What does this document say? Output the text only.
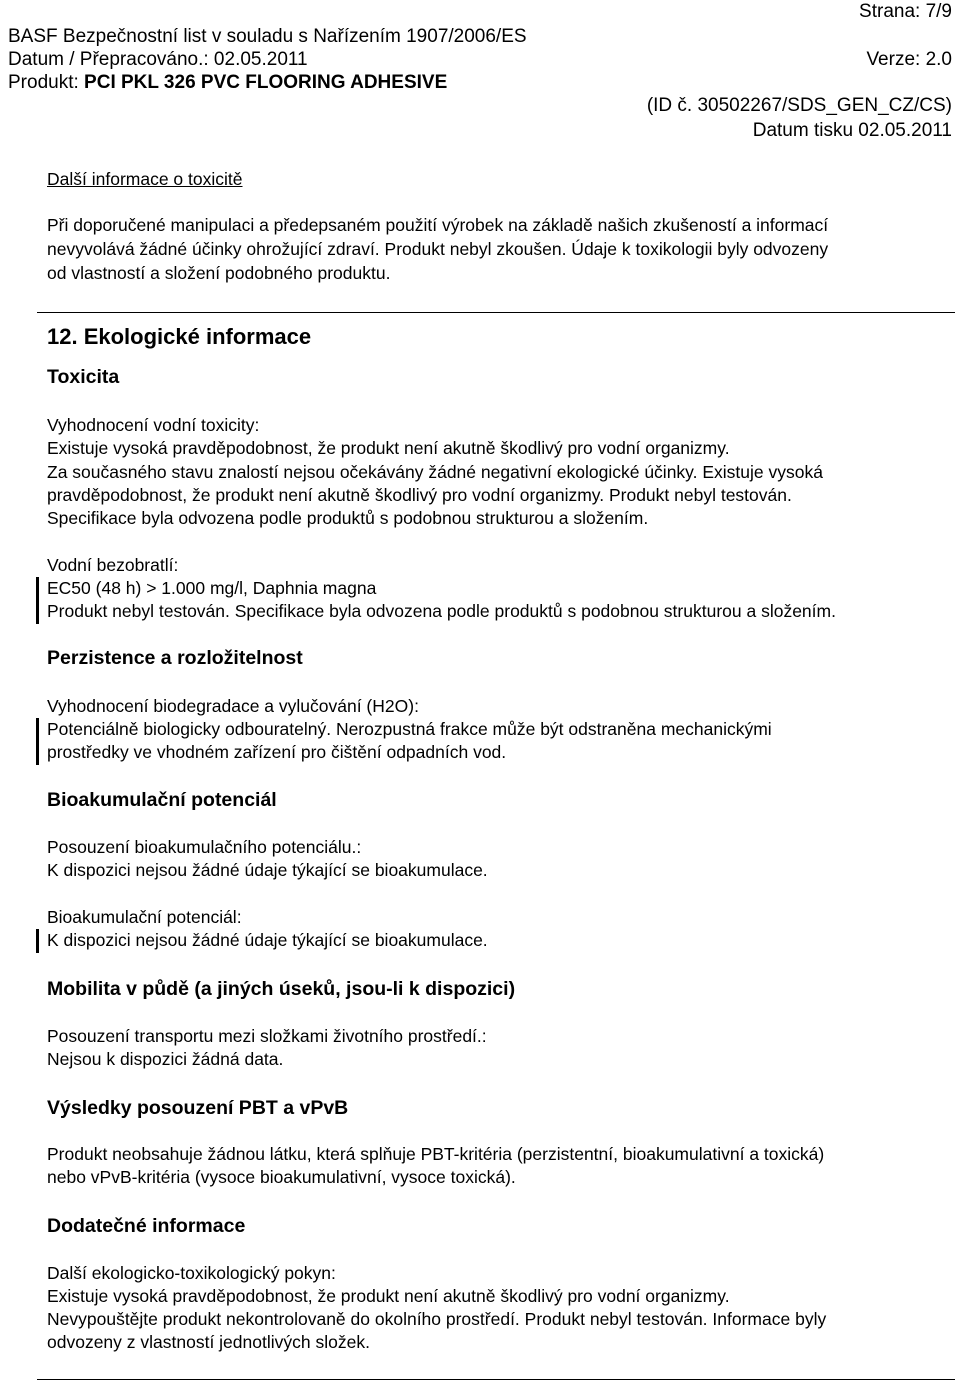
Strana: 7/9
BASF Bezpečnostní list v souladu s Nařízením 1907/2006/ES
Datum / Přepracováno.: 02.05.2011	Verze: 2.0
Produkt: PCI PKL 326 PVC FLOORING ADHESIVE
(ID č. 30502267/SDS_GEN_CZ/CS)
Datum tisku 02.05.2011
Další informace o toxicitě
Při doporučené manipulaci a předepsaném použití výrobek na základě našich zkušeností a informací
nevyvolává žádné účinky ohrožující zdraví. Produkt nebyl zkoušen. Údaje k toxikologii byly odvozeny
od vlastností a složení podobného produktu.
12. Ekologické informace
Toxicita
Vyhodnocení vodní toxicity:
Existuje vysoká pravděpodobnost, že produkt není akutně škodlivý pro vodní organizmy.
Za současného stavu znalostí nejsou očekávány žádné negativní ekologické účinky. Existuje vysoká
pravděpodobnost, že produkt není akutně škodlivý pro vodní organizmy. Produkt nebyl testován.
Specifikace byla odvozena podle produktů s podobnou strukturou a složením.
Vodní bezobratlí:
EC50 (48 h) > 1.000 mg/l, Daphnia magna
Produkt nebyl testován. Specifikace byla odvozena podle produktů s podobnou strukturou a složením.
Perzistence a rozložitelnost
Vyhodnocení biodegradace a vylučování (H2O):
Potenciálně biologicky odbouratelný. Nerozpustná frakce může být odstraněna mechanickými
prostředky ve vhodném zařízení pro čištění odpadních vod.
Bioakumulační potenciál
Posouzení bioakumulačního potenciálu.:
K dispozici nejsou žádné údaje týkající se bioakumulace.
Bioakumulační potenciál:
K dispozici nejsou žádné údaje týkající se bioakumulace.
Mobilita v půdě (a jiných úseků, jsou-li k dispozici)
Posouzení transportu mezi složkami životního prostředí.:
Nejsou k dispozici žádná data.
Výsledky posouzení PBT a vPvB
Produkt neobsahuje žádnou látku, která splňuje PBT-kritéria (perzistentní, bioakumulativní a toxická)
nebo vPvB-kritéria (vysoce bioakumulativní, vysoce toxická).
Dodatečné informace
Další ekologicko-toxikologický pokyn:
Existuje vysoká pravděpodobnost, že produkt není akutně škodlivý pro vodní organizmy.
Nevypouštějte produkt nekontrolovaně do okolního prostředí. Produkt nebyl testován. Informace byly
odvozeny z vlastností jednotlivých složek.
